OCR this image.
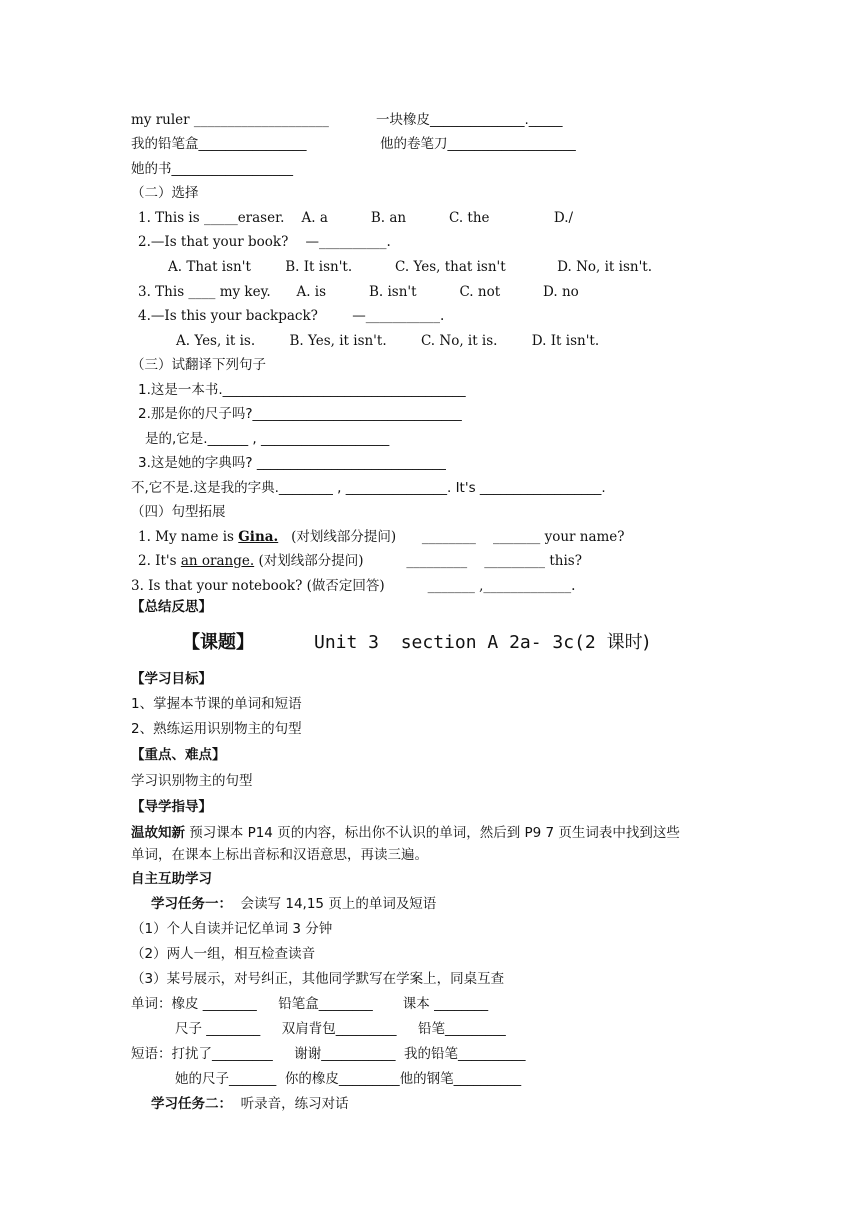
my ruler ____________________	一块橡皮______________._____
我的铅笔盒________________	他的卷笔刀___________________
她的书__________________
（二）选择
1. This is _____eraser.    A. a          B. an          C. the               D./
2.—Is that your book?    —__________.
A. That isn't        B. It isn't.          C. Yes, that isn't            D. No, it isn't.
3. This ____ my key.      A. is          B. isn't          C. not          D. no
4.—Is this your backpack?        —___________.
A. Yes, it is.        B. Yes, it isn't.        C. No, it is.        D. It isn't.
（三）试翻译下列句子
1.这是一本书.____________________________________
2.那是你的尺子吗?_______________________________
是的,它是.______ , ___________________
3.这是她的字典吗? ____________________________
不,它不是.这是我的字典.________ , _______________. It's __________________.
（四）句型拓展
1. My name is Gina.   (对划线部分提问)      ________    _______ your name?
2. It's an orange. (对划线部分提问)          _________    _________ this?
3. Is that your notebook? (做否定回答)          _______ ,_____________.
【总结反思】
【课题】	Unit 3  section A 2a- 3c(2 课时)
【学习目标】
1、掌握本节课的单词和短语
2、熟练运用识别物主的句型
【重点、难点】
学习识别物主的句型
【导学指导】
温故知新 预习课本 P14 页的内容，标出你不认识的单词，然后到 P9 7 页生词表中找到这些
单词，在课本上标出音标和汉语意思，再读三遍。
自主互助学习
学习任务一：  会读写 14,15 页上的单词及短语
（1）个人自读并记忆单词 3 分钟
（2）两人一组，相互检查读音
（3）某号展示，对号纠正，其他同学默写在学案上，同桌互查
单词：橡皮 ________     铅笔盒________       课本 ________
尺子 ________     双肩背包_________     铅笔_________
短语：打扰了_________     谢谢___________  我的铅笔__________
她的尺子_______  你的橡皮_________他的钢笔__________
学习任务二：  听录音，练习对话
